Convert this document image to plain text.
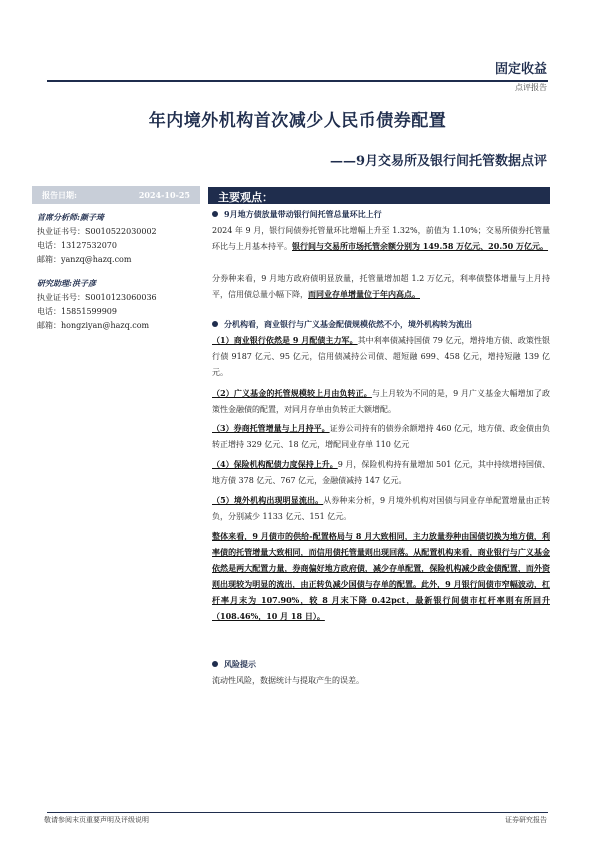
固定收益
点评报告
年内境外机构首次减少人民币债券配置
——9月交易所及银行间托管数据点评
报告日期:	2024-10-25
首席分析师:颜子琦
执业证书号：S0010522030002
电话：13127532070
邮箱：yanzq@hazq.com
研究助理:洪子彦
执业证书号：S0010123060036
电话：15851599909
邮箱：hongziyan@hazq.com
主要观点：
9月地方债放量带动银行间托管总量环比上行

2024 年 9 月，银行间债券托管量环比增幅上升至 1.32%，前值为 1.10%；交易所债券托管量环比与上月基本持平。银行间与交易所市场托管余额分别为 149.58 万亿元、20.50 万亿元。

分券种来看，9 月地方政府债明显放量，托管量增加超 1.2 万亿元，利率债整体增量与上月持平，信用债总量小幅下降，而同业存单增量位于年内高点。

分机构看，商业银行与广义基金配债规模依然不小，境外机构转为流出

（1）商业银行依然是 9 月配债主力军。其中利率债减持国债 79 亿元，增持地方债、政策性银行债 9187 亿元、95 亿元，信用债减持公司债、超短融 699、458 亿元，增持短融 139 亿元。

（2）广义基金的托管规模较上月由负转正。与上月较为不同的是，9 月广义基金大幅增加了政策性金融债的配置，对同月存单由负转正大额增配。

（3）券商托管增量与上月持平。证券公司持有的债券余额增持 460 亿元，地方债、政金债由负转正增持 329 亿元、18 亿元，增配同业存单 110 亿元

（4）保险机构配债力度保持上升。9 月，保险机构持有量增加 501 亿元，其中持续增持国债、地方债 378 亿元、767 亿元，金融债减持 147 亿元。

（5）境外机构出现明显流出。从券种来分析，9 月境外机构对国债与同业存单配置增量由正转负，分别减少 1133 亿元、151 亿元。

整体来看，9 月债市的供给-配置格局与 8 月大致相同，主力放量券种由国债切换为地方债，利率债的托管增量大致相同，而信用债托管量则出现回落。从配置机构来看，商业银行与广义基金依然是两大配置力量，券商偏好地方政府债，减少存单配置，保险机构减少政金债配置，而外资则出现较为明显的流出，由正转负减少国债与存单的配置。此外，9 月银行间债市窄幅波动，杠杆率月末为 107.90%，较 8 月末下降 0.42pct，最新银行间债市杠杆率则有所回升（108.46%，10 月 18 日）。

风险提示

流动性风险，数据统计与提取产生的误差。

敬请参阅末页重要声明及评级说明	证券研究报告
